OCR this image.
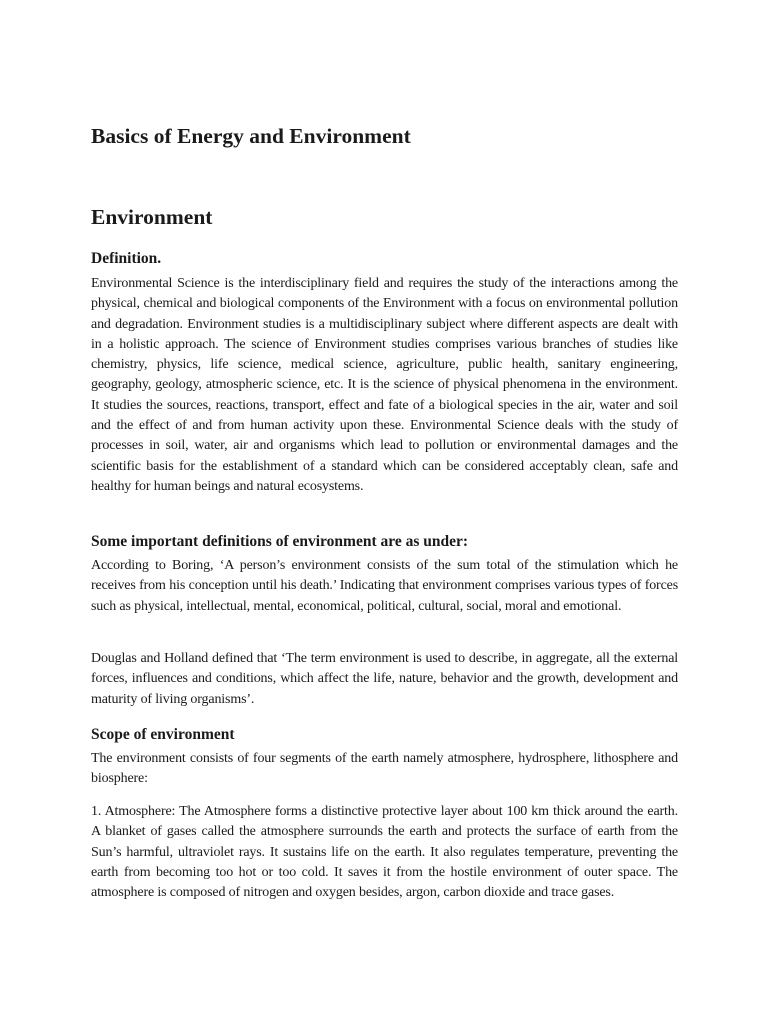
Basics of Energy and Environment
Environment
Definition.

Environmental Science is the interdisciplinary field and requires the study of the interactions among the physical, chemical and biological components of the Environment with a focus on environmental pollution and degradation. Environment studies is a multidisciplinary subject where different aspects are dealt with in a holistic approach. The science of Environment studies comprises various branches of studies like chemistry, physics, life science, medical science, agriculture, public health, sanitary engineering, geography, geology, atmospheric science, etc. It is the science of physical phenomena in the environment. It studies the sources, reactions, transport, effect and fate of a biological species in the air, water and soil and the effect of and from human activity upon these. Environmental Science deals with the study of processes in soil, water, air and organisms which lead to pollution or environmental damages and the scientific basis for the establishment of a standard which can be considered acceptably clean, safe and healthy for human beings and natural ecosystems.

Some important definitions of environment are as under:

According to Boring, ‘A person’s environment consists of the sum total of the stimulation which he receives from his conception until his death.’ Indicating that environment comprises various types of forces such as physical, intellectual, mental, economical, political, cultural, social, moral and emotional.

Douglas and Holland defined that ‘The term environment is used to describe, in aggregate, all the external forces, influences and conditions, which affect the life, nature, behavior and the growth, development and maturity of living organisms’.

Scope of environment

The environment consists of four segments of the earth namely atmosphere, hydrosphere, lithosphere and biosphere:

1. Atmosphere: The Atmosphere forms a distinctive protective layer about 100 km thick around the earth. A blanket of gases called the atmosphere surrounds the earth and protects the surface of earth from the Sun’s harmful, ultraviolet rays. It sustains life on the earth. It also regulates temperature, preventing the earth from becoming too hot or too cold. It saves it from the hostile environment of outer space. The atmosphere is composed of nitrogen and oxygen besides, argon, carbon dioxide and trace gases.
